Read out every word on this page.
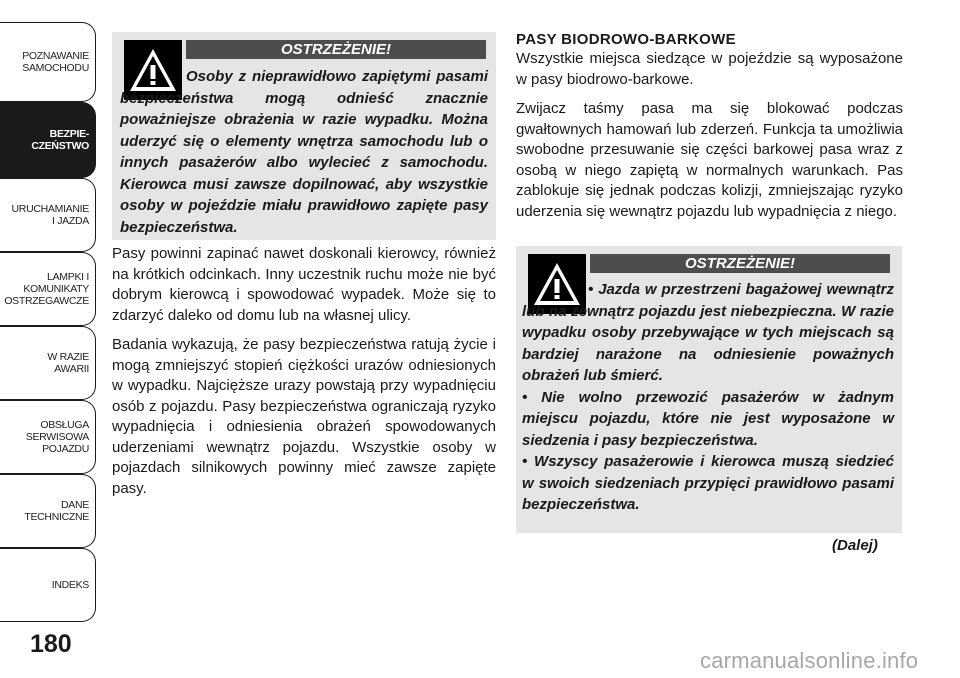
POZNAWANIE
SAMOCHODU
BEZPIE-
CZEŃSTWO
URUCHAMIANIE
I JAZDA
LAMPKI I
KOMUNIKATY
OSTRZEGAWCZE
W RAZIE
AWARII
OBSŁUGA
SERWISOWA
POJAZDU
DANE
TECHNICZNE
INDEKS
180
OSTRZEŻENIE!
Osoby z nieprawidłowo zapiętymi pasami bezpieczeństwa mogą odnieść znacznie poważniejsze obrażenia w razie wypadku. Można uderzyć się o elementy wnętrza samochodu lub o innych pasażerów albo wylecieć z samochodu. Kierowca musi zawsze dopilnować, aby wszystkie osoby w pojeździe miału prawidłowo zapięte pasy bezpieczeństwa.

Pasy powinni zapinać nawet doskonali kierowcy, również na krótkich odcinkach. Inny uczestnik ruchu może nie być dobrym kierowcą i spowodować wypadek. Może się to zdarzyć daleko od domu lub na własnej ulicy.

Badania wykazują, że pasy bezpieczeństwa ratują życie i mogą zmniejszyć stopień ciężkości urazów odniesionych w wypadku. Najcięższe urazy powstają przy wypadnięciu osób z pojazdu. Pasy bezpieczeństwa ograniczają ryzyko wypadnięcia i odniesienia obrażeń spowodowanych uderzeniami wewnątrz pojazdu. Wszystkie osoby w pojazdach silnikowych powinny mieć zawsze zapięte pasy.

PASY BIODROWO-BARKOWE

Wszystkie miejsca siedzące w pojeździe są wyposażone w pasy biodrowo-barkowe.

Zwijacz taśmy pasa ma się blokować podczas gwałtownych hamowań lub zderzeń. Funkcja ta umożliwia swobodne przesuwanie się części barkowej pasa wraz z osobą w niego zapiętą w normalnych warunkach. Pas zablokuje się jednak podczas kolizji, zmniejszając ryzyko uderzenia się wewnątrz pojazdu lub wypadnięcia z niego.

OSTRZEŻENIE!
• Jazda w przestrzeni bagażowej wewnątrz lub na zewnątrz pojazdu jest niebezpieczna. W razie wypadku osoby przebywające w tych miejscach są bardziej narażone na odniesienie poważnych obrażeń lub śmierć.
• Nie wolno przewozić pasażerów w żadnym miejscu pojazdu, które nie jest wyposażone w siedzenia i pasy bezpieczeństwa.
• Wszyscy pasażerowie i kierowca muszą siedzieć w swoich siedzeniach przypięci prawidłowo pasami bezpieczeństwa.
(Dalej)
carmanualsonline.info
